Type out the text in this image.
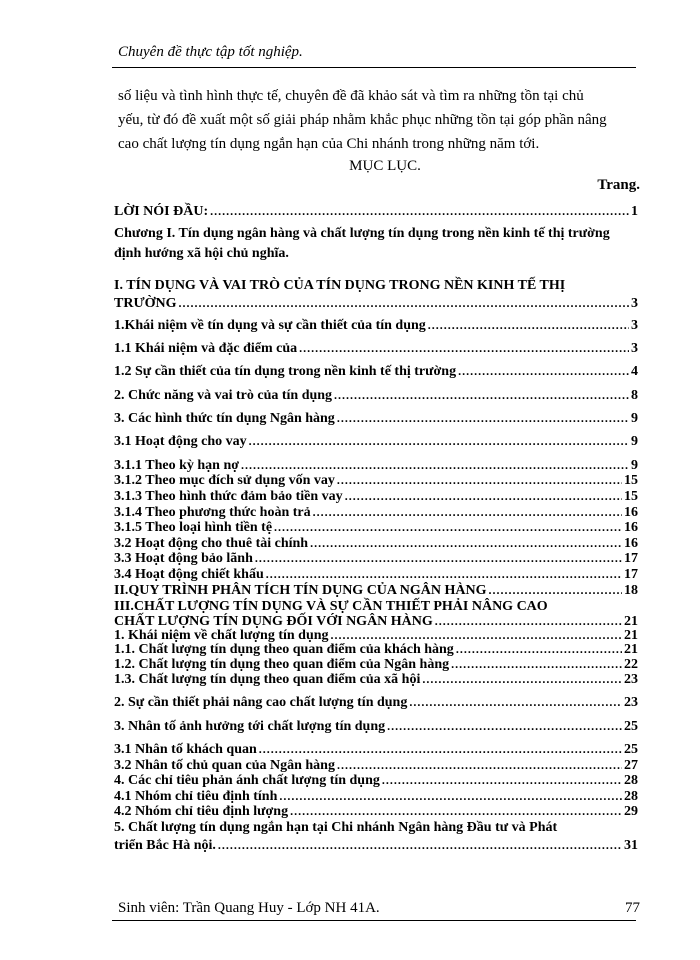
Chuyên đề thực tập tốt nghiệp.
số liệu và tình hình thực tế, chuyên đề đã khảo sát và tìm ra những tồn tại chủ
yếu, từ đó đề xuất một số giải pháp nhằm khắc phục những tồn tại góp phần nâng
cao chất lượng tín dụng ngắn hạn của Chi nhánh trong những năm tới.
MỤC LỤC.
Trang.
LỜI NÓI ĐẦU: .....	1
Chương I. Tín dụng ngân hàng và chất lượng tín dụng trong nền kinh tế thị trường định hướng xã hội chủ nghĩa.
I. TÍN DỤNG VÀ VAI TRÒ CỦA TÍN DỤNG TRONG NỀN KINH TẾ THỊ
TRƯỜNG .....	3
1.Khái niệm về tín dụng và sự cần thiết của tín dụng .....	3
1.1 Khái niệm và đặc điểm của .....	3
1.2 Sự cần thiết của tín dụng trong nền kinh tế thị trường .....	4
2. Chức năng và vai trò của tín dụng .....	8
3. Các hình thức tín dụng Ngân hàng .....	9
3.1 Hoạt động cho vay .....	9
3.1.1 Theo kỳ hạn nợ .....	9
3.1.2 Theo mục đích sử dụng vốn vay .....	15
3.1.3 Theo hình thức đảm bảo tiền vay .....	15
3.1.4 Theo phương thức hoàn trả .....	16
3.1.5 Theo loại hình tiền tệ .....	16
3.2 Hoạt động cho thuê tài chính .....	16
3.3 Hoạt động bảo lãnh .....	17
3.4 Hoạt động chiết khấu .....	17
II.QUY TRÌNH PHÂN TÍCH TÍN DỤNG CỦA NGÂN HÀNG .....	18
III.CHẤT LƯỢNG TÍN DỤNG VÀ SỰ CẦN THIẾT PHẢI NÂNG CAO
CHẤT LƯỢNG TÍN DỤNG ĐỐI VỚI NGÂN HÀNG .....	21
1. Khái niệm về chất lượng tín dụng .....	21
1.1. Chất lượng tín dụng theo quan điểm của khách hàng .....	21
1.2. Chất lượng tín dụng theo quan điểm của Ngân hàng .....	22
1.3. Chất lượng tín dụng theo quan điểm của xã hội .....	23
2. Sự cần thiết phải nâng cao chất lượng tín dụng .....	23
3. Nhân tố ảnh hưởng tới chất lượng tín dụng .....	25
3.1 Nhân tố khách quan .....	25
3.2 Nhân tố chủ quan của Ngân hàng .....	27
4. Các chỉ tiêu phản ánh chất lượng tín dụng .....	28
4.1 Nhóm chỉ tiêu định tính .....	28
4.2 Nhóm chỉ tiêu định lượng .....	29
5. Chất lượng tín dụng ngắn hạn tại Chi nhánh Ngân hàng Đầu tư và Phát
triển Bắc Hà nội. .....	31
Sinh viên: Trần Quang Huy - Lớp NH 41A.	77
